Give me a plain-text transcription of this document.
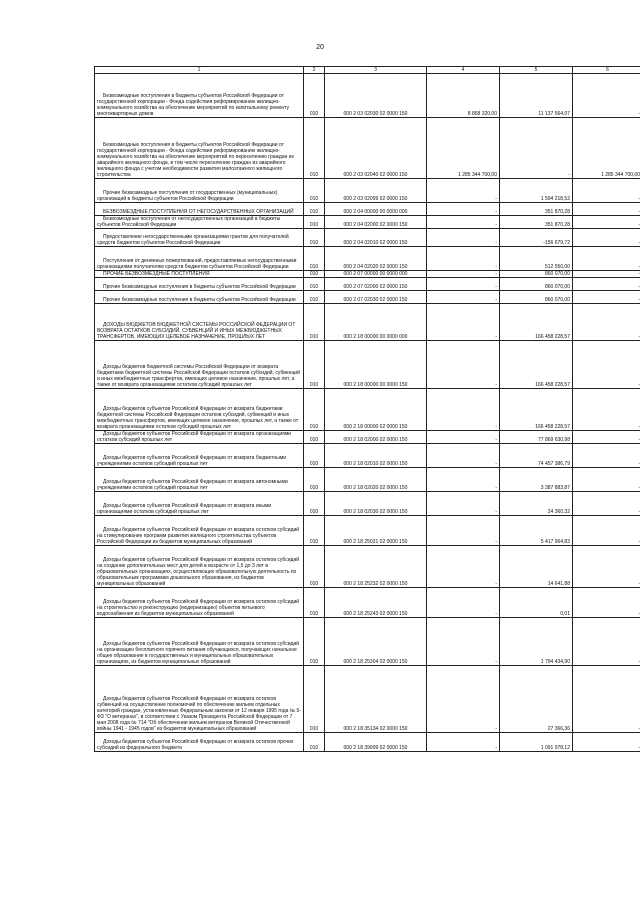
20
1	2	3	4	5	6

Безвозмездные поступления в бюджеты субъектов Российской Федерации от государственной корпорации - Фонда содействия реформированию жилищно-коммунального хозяйства на обеспечение мероприятий по капитальному ремонту многоквартирных домов	010	000 2 03 02030 02 0000 150	8 868 320,00	11 137 564,07	-

Безвозмездные поступления в бюджеты субъектов Российской Федерации от государственной корпорации - Фонда содействия реформированию жилищно-коммунального хозяйства на обеспечение мероприятий по переселению граждан из аварийного жилищного фонда, в том числе переселению граждан из аварийного жилищного фонда с учетом необходимости развития малоэтажного жилищного строительства	010	000 2 03 02040 02 0000 150	1 285 344 700,00	-	1 285 344 700,00

Прочие безвозмездные поступления от государственных (муниципальных) организаций в бюджеты субъектов Российской Федерации	010	000 2 03 02099 02 0000 150	-	1 594 218,52	-

БЕЗВОЗМЕЗДНЫЕ ПОСТУПЛЕНИЯ ОТ НЕГОСУДАРСТВЕННЫХ ОРГАНИЗАЦИЙ	010	000 2 04 00000 00 0000 000	-	351 870,28	-

Безвозмездные поступления от негосударственных организаций в бюджеты субъектов Российской Федерации	010	000 2 04 02000 02 0000 150	-	351 870,28	-

Предоставление негосударственными организациями грантов для получателей средств бюджетов субъектов Российской Федерации	010	000 2 04 02010 02 0000 150	-	-156 679,72	-

Поступления от денежных пожертвований, предоставляемых негосударственными организациями получателям средств бюджетов субъектов Российской Федерации	010	000 2 04 02020 02 0000 150	-	512 550,00	-

ПРОЧИЕ БЕЗВОЗМЕЗДНЫЕ ПОСТУПЛЕНИЯ	010	000 2 07 00000 00 0000 000	-	860 070,00	-

Прочие безвозмездные поступления в бюджеты субъектов Российской Федерации	010	000 2 07 02000 02 0000 150	-	860 070,00	-

Прочие безвозмездные поступления в бюджеты субъектов Российской Федерации	010	000 2 07 02030 02 0000 150	-	860 070,00	-

ДОХОДЫ БЮДЖЕТОВ БЮДЖЕТНОЙ СИСТЕМЫ РОССИЙСКОЙ ФЕДЕРАЦИИ ОТ ВОЗВРАТА ОСТАТКОВ СУБСИДИЙ, СУБВЕНЦИЙ И ИНЫХ МЕЖБЮДЖЕТНЫХ ТРАНСФЕРТОВ, ИМЕЮЩИХ ЦЕЛЕВОЕ НАЗНАЧЕНИЕ, ПРОШЛЫХ ЛЕТ	010	000 2 18 00000 00 0000 000	-	166 458 228,57	-

Доходы бюджетов бюджетной системы Российской Федерации от возврата бюджетами бюджетной системы Российской Федерации остатков субсидий, субвенций и иных межбюджетных трансфертов, имеющих целевое назначение, прошлых лет, а также от возврата организациями остатков субсидий прошлых лет	010	000 2 18 00000 00 0000 150	-	166 458 228,57	-

Доходы бюджетов субъектов Российской Федерации от возврата бюджетами бюджетной системы Российской Федерации остатков субсидий, субвенций и иных межбюджетных трансфертов, имеющих целевое назначение, прошлых лет, а также от возврата организациями остатков субсидий прошлых лет	010	000 2 18 00000 02 0000 150	-	166 458 228,57	-

Доходы бюджетов субъектов Российской Федерации от возврата организациями остатков субсидий прошлых лет	010	000 2 18 02000 02 0000 150	-	77 869 630,98	-

Доходы бюджетов субъектов Российской Федерации от возврата бюджетными учреждениями остатков субсидий прошлых лет	010	000 2 18 02010 02 0000 150	-	74 457 386,79	-

Доходы бюджетов субъектов Российской Федерации от возврата автономными учреждениями остатков субсидий прошлых лет	010	000 2 18 02020 02 0000 150	-	3 387 883,87	-

Доходы бюджетов субъектов Российской Федерации от возврата иными организациями остатков субсидий прошлых лет	010	000 2 18 02030 02 0000 150	-	24 360,32	-

Доходы бюджетов субъектов Российской Федерации от возврата остатков субсидий на стимулирование программ развития жилищного строительства субъектов Российской Федерации из бюджетов муниципальных образований	010	000 2 18 25021 02 0000 150	-	5 417 964,83	-

Доходы бюджетов субъектов Российской Федерации от возврата остатков субсидий на создание дополнительных мест для детей в возрасте от 1,5 до 3 лет в образовательных организациях, осуществляющих образовательную деятельность по образовательным программам дошкольного образования, из бюджетов муниципальных образований	010	000 2 18 25232 02 0000 150	-	14 641,88	-

Доходы бюджетов субъектов Российской Федерации от возврата остатков субсидий на строительство и реконструкцию (модернизацию) объектов питьевого водоснабжения из бюджетов муниципальных образований	010	000 2 18 25243 02 0000 150	-	0,01	-

Доходы бюджетов субъектов Российской Федерации от возврата остатков субсидий на организацию бесплатного горячего питания обучающихся, получающих начальное общее образование в государственных и муниципальных образовательных организациях, из бюджетов муниципальных образований	010	000 2 18 25304 02 0000 150	-	1 794 434,90	-

Доходы бюджетов субъектов Российской Федерации от возврата остатков субвенций на осуществление полномочий по обеспечению жильем отдельных категорий граждан, установленных Федеральным законом от 12 января 1995 года № 5-ФЗ "О ветеранах", в соответствии с Указом Президента Российской Федерации от 7 мая 2008 года № 714 "Об обеспечении жильем ветеранов Великой Отечественной войны 1941 - 1945 годов" из бюджетов муниципальных образований	010	000 2 18 35134 02 0000 150	-	27 366,36	-

Доходы бюджетов субъектов Российской Федерации от возврата остатков прочих субсидий из федерального бюджета	010	000 2 18 39999 02 0000 150	-	1 091 978,12	-
